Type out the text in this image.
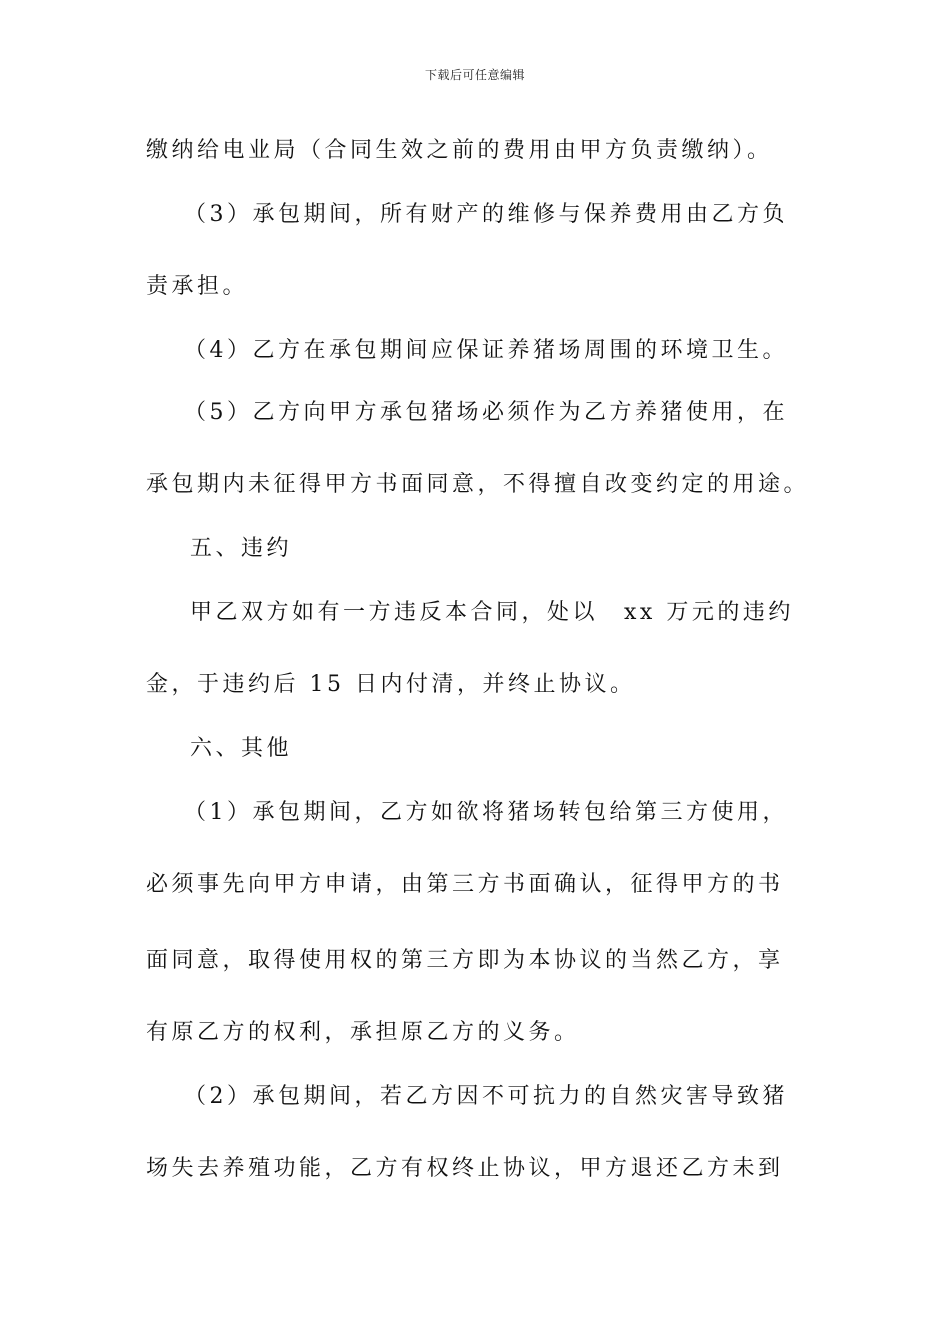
下载后可任意编辑
缴纳给电业局（合同生效之前的费用由甲方负责缴纳）。
（3）承包期间，所有财产的维修与保养费用由乙方负
责承担。
（4）乙方在承包期间应保证养猪场周围的环境卫生。
（5）乙方向甲方承包猪场必须作为乙方养猪使用，在
承包期内未征得甲方书面同意，不得擅自改变约定的用途。
五、违约
甲乙双方如有一方违反本合同，处以 xx 万元的违约
金，于违约后 15 日内付清，并终止协议。
六、其他
（1）承包期间，乙方如欲将猪场转包给第三方使用，
必须事先向甲方申请，由第三方书面确认，征得甲方的书
面同意，取得使用权的第三方即为本协议的当然乙方，享
有原乙方的权利，承担原乙方的义务。
（2）承包期间，若乙方因不可抗力的自然灾害导致猪
场失去养殖功能，乙方有权终止协议，甲方退还乙方未到
